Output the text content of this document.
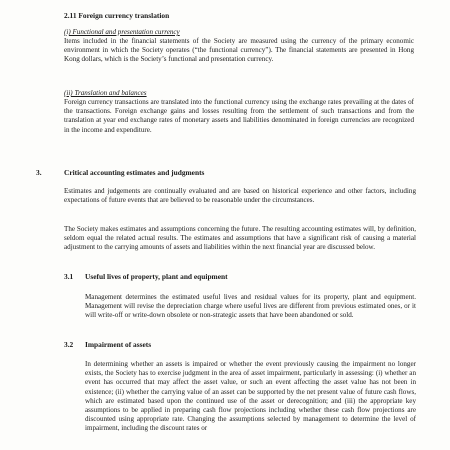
2.11 Foreign currency translation

(i) Functional and presentation currency

Items included in the financial statements of the Society are measured using the currency of the primary economic environment in which the Society operates (“the functional currency”). The financial statements are presented in Hong Kong dollars, which is the Society’s functional and presentation currency.

(ii) Translation and balances

Foreign currency transactions are translated into the functional currency using the exchange rates prevailing at the dates of the transactions. Foreign exchange gains and losses resulting from the settlement of such transactions and from the translation at year end exchange rates of monetary assets and liabilities denominated in foreign currencies are recognized in the income and expenditure.

3.	Critical accounting estimates and judgments

Estimates and judgements are continually evaluated and are based on historical experience and other factors, including expectations of future events that are believed to be reasonable under the circumstances.

The Society makes estimates and assumptions concerning the future. The resulting accounting estimates will, by definition, seldom equal the related actual results. The estimates and assumptions that have a significant risk of causing a material adjustment to the carrying amounts of assets and liabilities within the next financial year are discussed below.

3.1 Useful lives of property, plant and equipment

Management determines the estimated useful lives and residual values for its property, plant and equipment. Management will revise the depreciation charge where useful lives are different from previous estimated ones, or it will write-off or write-down obsolete or non-strategic assets that have been abandoned or sold.

3.2 Impairment of assets

In determining whether an assets is impaired or whether the event previously causing the impairment no longer exists, the Society has to exercise judgment in the area of asset impairment, particularly in assessing: (i) whether an event has occurred that may affect the asset value, or such an event affecting the asset value has not been in existence; (ii) whether the carrying value of an asset can be supported by the net present value of future cash flows, which are estimated based upon the continued use of the asset or derecognition; and (iii) the appropriate key assumptions to be applied in preparing cash flow projections including whether these cash flow projections are discounted using appropriate rate. Changing the assumptions selected by management to determine the level of impairment, including the discount rates or
